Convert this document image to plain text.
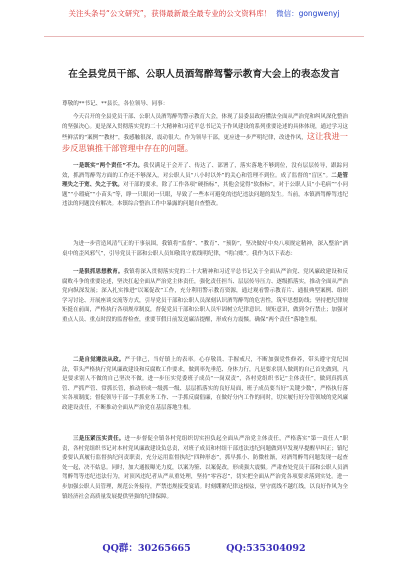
关注头条号“公文研究”，获得最新最全最专业的公文资料库！ 微信：gongwenyj
在全县党员干部、公职人员酒驾醉驾警示教育大会上的表态发言
尊敬的**书记、**县长，各位领导、同事：

今天召开的全县党员干部、公职人员酒驾醉驾警示教育大会，体现了县委县政府懂法全面从严治党和纠风深化整治的坚强决心。更是深入贯彻落实党的二十大精神和习近平总书记关于作风建设的系列重要论述的具体体现，通过学习这些鲜活的“案例”“教材”，我感触很深，震动很大。作为领导干部，更应进一步严明纪律，改进作风，这让我进一步反思镇推干部管理中存在的问题。

一是既实“两个责任”不力。我仅满足于会开了、传达了、部署了，落实落地不够到位，没有层层传导，跟踪问效，抓酒驾醉驾方面的工作还不够深入，对公职人员“八小时以外”的关心和管理不到位。成了监督的“盲区”。二是管理失之于宽、失之于软。对干部的要求，除了工作各项“硬指标”，其他会觉得“软指标”，对于公职人员“小毛病”“小问题”“小瑕疵”“小苗头”等，睁一只眼闭一只眼，导致了一些本可避免的违纪违法问题的发生。当前，本镇酒驾醉驾违纪违法的问题没有解决。本镇综合整治工作中暴露的问题自查整改。

为进一步营造风清气正的干事氛围，我镇将“监督”、“教育”、“预防”，坚决做好中央八项规定精神，深入整治“酒桌中的歪风邪气”，引导党员干部和公职人员知敬畏守底线明纪律，“明白账”。我作为以下表态：

一是狠抓思想教育。我镇将深入贯彻落实党的二十大精神和习近平总书记关于全面从严治党、党风廉政建设和反腐败斗争的重要论述，坚决扛起全面从严治党主体责任，强化责任担当、层层传导压力、逐级抓落实，推动全面从严治党向纵深发展；深入扎实推进“以案促改”工作，充分利用警示教育资源，通过观看警示教育片、通报典型案例、组织学习讨论、开展座谈交流等方式，引导党员干部和公职人员深刻认识酒驾醉驾的危害性，筑牢思想防线；坚持把纪律规矩挺在前面，严格执行各项规章制度，督促党员干部和公职人员牢固树立纪律意识、规矩意识，做到令行禁止；加强对重点人员、重点时段的监督检查，重要节假日前发送廉洁提醒，形成有力震慑。确保“两个责任”落地生根。

二是自觉遵法从政。严于律己，当好镇上的表率。心存敬畏、手握戒尺，不断加强党性修养，带头遵守党纪国法，带头严格执行党风廉政建设和反腐败工作要求，做到率先垂范、身体力行，凡是要求别人做到的自己首先做到，凡是要求别人不做的自己坚决不做。进一步压实党委班子成员“一岗双责”，各村党组织书记“主体责任”，做到真抓真管、严抓严管、常抓长管，推动形成一级抓一级、层层抓落实的良好局面，班子成员要当好“关键少数”，严格执行落实各项制度；督促领导干部一手抓业务工作、一手抓反腐倡廉，在做好分内工作的同时，切实履行好分管领域的党风廉政建设责任，不断推动全面从严治党在基层落地生根。

三是压紧压实责任。进一步督促全镇各村党组织切实担负起全面从严治党主体责任，严格落实“第一责任人”职责，各村党组织书记对本村党风廉政建设负总责，对班子成员和村组干部违法违纪问题做到早发现早提醒早纠正；镇纪委要认真履行监督执纪问责职责，充分运用监督执纪“四种形态”，抓早抓小、防微杜渐，对酒驾醉驾问题发现一起查处一起，决不姑息。同时，加大通报曝光力度，以案为鉴、以案促改，形成强大震慑。严肃查处党员干部和公职人员酒驾醉驾等违纪违法行为，对顶风违纪者从严从重处理，坚持“零容忍”，切实把全面从严治党各项要求落到实处。进一步加强公职人员管理，规范公务接待，严禁违规接受宴请。时刻绷紧纪律这根弦，坚守底线不越红线，以良好作风为全镇经济社会高质量发展提供坚强的纪律保障。

QQ群：30265665	QQ:535304092
